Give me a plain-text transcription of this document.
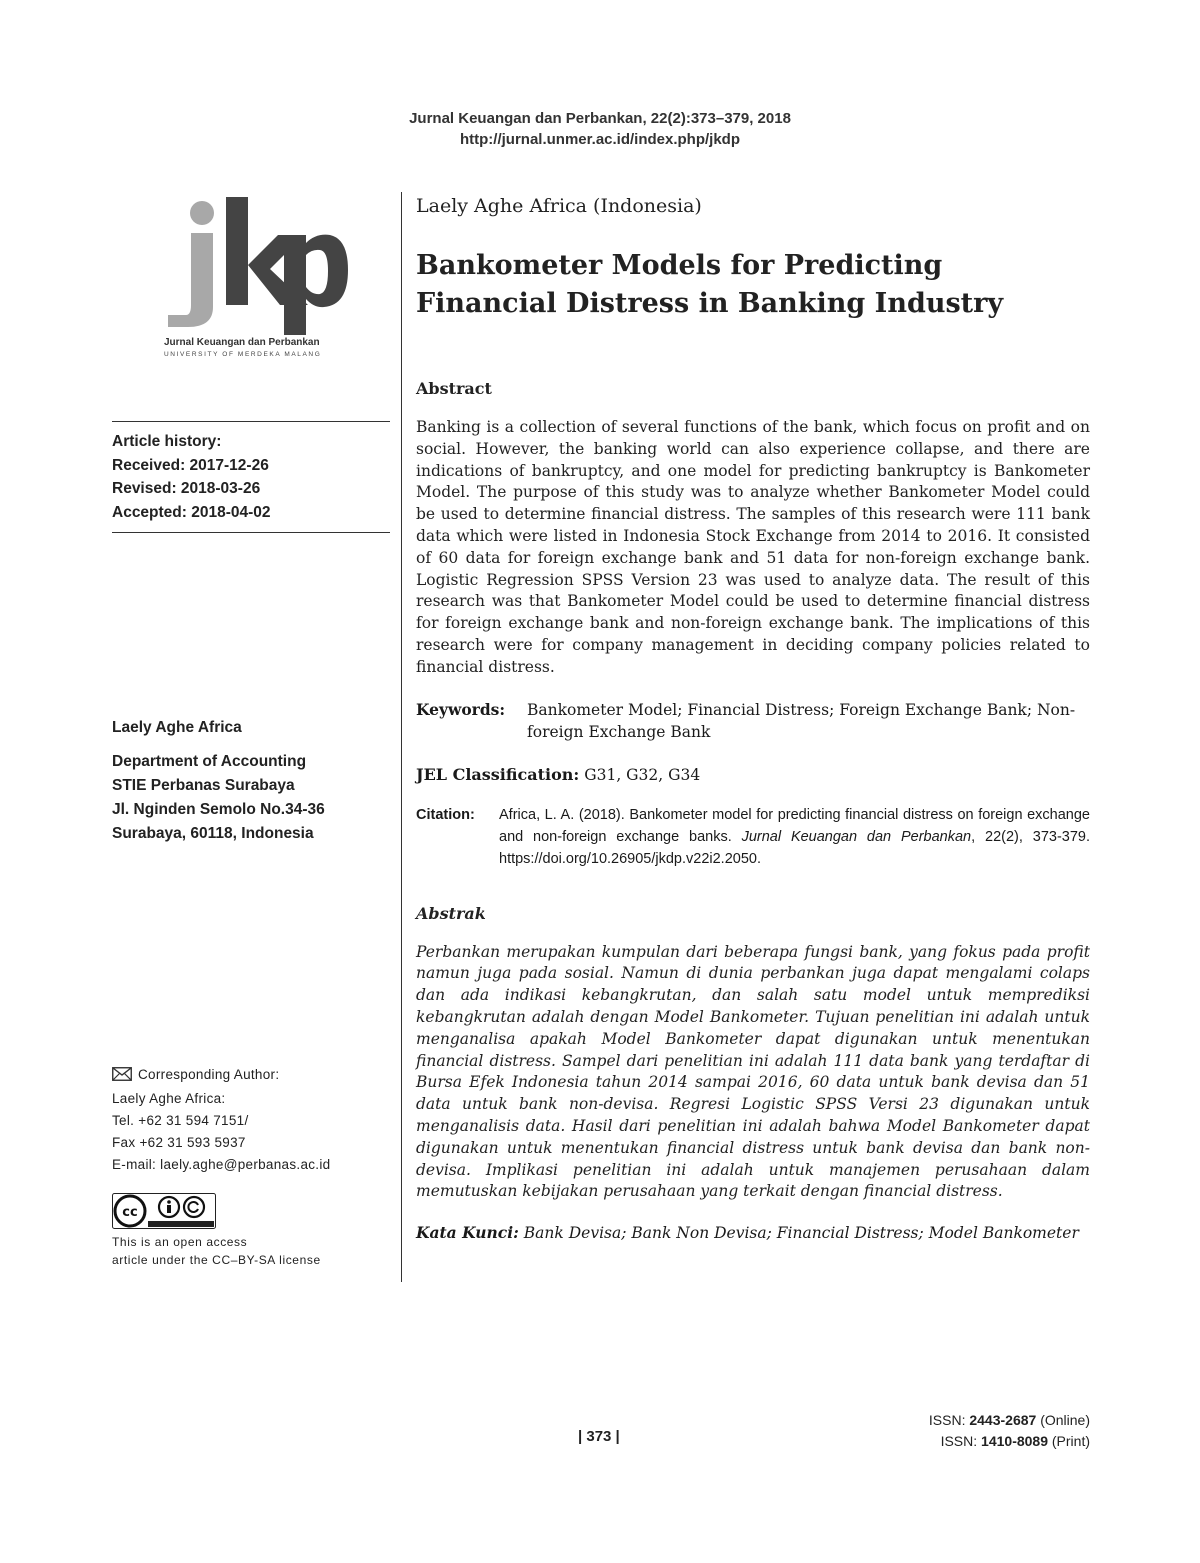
Jurnal Keuangan dan Perbankan, 22(2):373–379, 2018
http://jurnal.unmer.ac.id/index.php/jkdp
Jurnal Keuangan dan Perbankan
UNIVERSITY OF MERDEKA MALANG
Article history:
Received: 2017-12-26
Revised: 2018-03-26
Accepted: 2018-04-02
Laely Aghe Africa
Department of Accounting
STIE Perbanas Surabaya
Jl. Nginden Semolo No.34-36
Surabaya, 60118, Indonesia
Corresponding Author:
Laely Aghe Africa:
Tel. +62 31 594 7151/
Fax +62 31 593 5937
E-mail: laely.aghe@perbanas.ac.id
cc
This is an open access
article under the CC–BY-SA license
Laely Aghe Africa (Indonesia)
Bankometer Models for Predicting Financial Distress in Banking Industry
Abstract
Banking is a collection of several functions of the bank, which focus on profit and on social. However, the banking world can also experience collapse, and there are indications of bankruptcy, and one model for predicting bankruptcy is Bankometer Model. The purpose of this study was to analyze whether Bankometer Model could be used to determine financial distress. The samples of this research were 111 bank data which were listed in Indonesia Stock Exchange from 2014 to 2016. It consisted of 60 data for foreign exchange bank and 51 data for non-foreign exchange bank. Logistic Regression SPSS Version 23 was used to analyze data. The result of this research was that Bankometer Model could be used to determine financial distress for foreign exchange bank and non-foreign exchange bank. The implications of this research were for company management in deciding company policies related to financial distress.
Keywords:	Bankometer Model; Financial Distress; Foreign Exchange Bank; Non-foreign Exchange Bank
JEL Classification: G31, G32, G34
Citation:	Africa, L. A. (2018). Bankometer model for predicting financial distress on foreign exchange and non-foreign exchange banks. Jurnal Keuangan dan Perbankan, 22(2), 373-379. https://doi.org/10.26905/jkdp.v22i2.2050.
Abstrak
Perbankan merupakan kumpulan dari beberapa fungsi bank, yang fokus pada profit namun juga pada sosial. Namun di dunia perbankan juga dapat mengalami colaps dan ada indikasi kebangkrutan, dan salah satu model untuk memprediksi kebangkrutan adalah dengan Model Bankometer. Tujuan penelitian ini adalah untuk menganalisa apakah Model Bankometer dapat digunakan untuk menentukan financial distress. Sampel dari penelitian ini adalah 111 data bank yang terdaftar di Bursa Efek Indonesia tahun 2014 sampai 2016, 60 data untuk bank devisa dan 51 data untuk bank non-devisa. Regresi Logistic SPSS Versi 23 digunakan untuk menganalisis data. Hasil dari penelitian ini adalah bahwa Model Bankometer dapat digunakan untuk menentukan financial distress untuk bank devisa dan bank non-devisa. Implikasi penelitian ini adalah untuk manajemen perusahaan dalam memutuskan kebijakan perusahaan yang terkait dengan financial distress.
Kata Kunci: Bank Devisa; Bank Non Devisa; Financial Distress; Model Bankometer
| 373 |
ISSN: 2443-2687 (Online)
ISSN: 1410-8089 (Print)
